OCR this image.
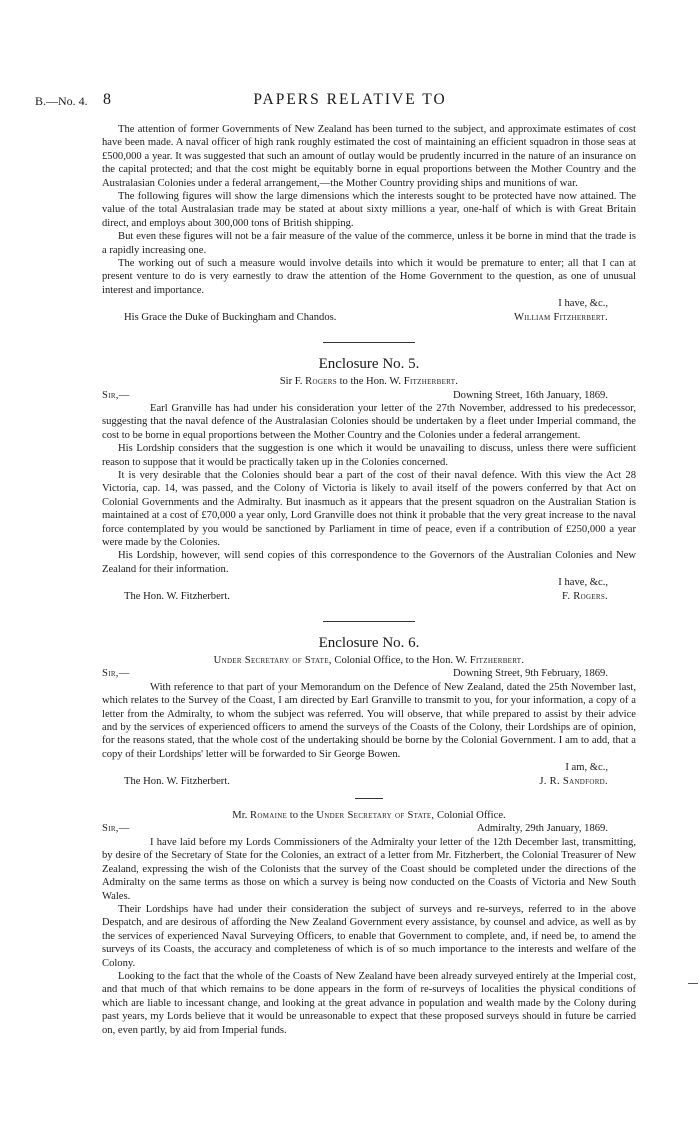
B.—No. 4. 8	PAPERS RELATIVE TO

The attention of former Governments of New Zealand has been turned to the subject, and approximate estimates of cost have been made. A naval officer of high rank roughly estimated the cost of maintaining an efficient squadron in those seas at £500,000 a year. It was suggested that such an amount of outlay would be prudently incurred in the nature of an insurance on the capital protected; and that the cost might be equitably borne in equal proportions between the Mother Country and the Australasian Colonies under a federal arrangement,—the Mother Country providing ships and munitions of war.

The following figures will show the large dimensions which the interests sought to be protected have now attained. The value of the total Australasian trade may be stated at about sixty millions a year, one-half of which is with Great Britain direct, and employs about 300,000 tons of British shipping.

But even these figures will not be a fair measure of the value of the commerce, unless it be borne in mind that the trade is a rapidly increasing one.

The working out of such a measure would involve details into which it would be premature to enter; all that I can at present venture to do is very earnestly to draw the attention of the Home Government to the question, as one of unusual interest and importance.

I have, &c.,
His Grace the Duke of Buckingham and Chandos.	William Fitzherbert.
Enclosure No. 5.
Sir F. Rogers to the Hon. W. Fitzherbert.
Sir,—	Downing Street, 16th January, 1869.

Earl Granville has had under his consideration your letter of the 27th November, addressed to his predecessor, suggesting that the naval defence of the Australasian Colonies should be undertaken by a fleet under Imperial command, the cost to be borne in equal proportions between the Mother Country and the Colonies under a federal arrangement.

His Lordship considers that the suggestion is one which it would be unavailing to discuss, unless there were sufficient reason to suppose that it would be practically taken up in the Colonies concerned.

It is very desirable that the Colonies should bear a part of the cost of their naval defence. With this view the Act 28 Victoria, cap. 14, was passed, and the Colony of Victoria is likely to avail itself of the powers conferred by that Act on Colonial Governments and the Admiralty. But inasmuch as it appears that the present squadron on the Australian Station is maintained at a cost of £70,000 a year only, Lord Granville does not think it probable that the very great increase to the naval force contemplated by you would be sanctioned by Parliament in time of peace, even if a contribution of £250,000 a year were made by the Colonies.

His Lordship, however, will send copies of this correspondence to the Governors of the Australian Colonies and New Zealand for their information.

I have, &c.,
The Hon. W. Fitzherbert.	F. Rogers.
Enclosure No. 6.
Under Secretary of State, Colonial Office, to the Hon. W. Fitzherbert.
Sir,—	Downing Street, 9th February, 1869.

With reference to that part of your Memorandum on the Defence of New Zealand, dated the 25th November last, which relates to the Survey of the Coast, I am directed by Earl Granville to transmit to you, for your information, a copy of a letter from the Admiralty, to whom the subject was referred. You will observe, that while prepared to assist by their advice and by the services of experienced officers to amend the surveys of the Coasts of the Colony, their Lordships are of opinion, for the reasons stated, that the whole cost of the undertaking should be borne by the Colonial Government. I am to add, that a copy of their Lordships' letter will be forwarded to Sir George Bowen.

I am, &c.,
The Hon. W. Fitzherbert.	J. R. Sandford.
Mr. Romaine to the Under Secretary of State, Colonial Office.
Sir,—	Admiralty, 29th January, 1869.

I have laid before my Lords Commissioners of the Admiralty your letter of the 12th December last, transmitting, by desire of the Secretary of State for the Colonies, an extract of a letter from Mr. Fitzherbert, the Colonial Treasurer of New Zealand, expressing the wish of the Colonists that the survey of the Coast should be completed under the directions of the Admiralty on the same terms as those on which a survey is being now conducted on the Coasts of Victoria and New South Wales.

Their Lordships have had under their consideration the subject of surveys and re-surveys, referred to in the above Despatch, and are desirous of affording the New Zealand Government every assistance, by counsel and advice, as well as by the services of experienced Naval Surveying Officers, to enable that Government to complete, and, if need be, to amend the surveys of its Coasts, the accuracy and completeness of which is of so much importance to the interests and welfare of the Colony.

Looking to the fact that the whole of the Coasts of New Zealand have been already surveyed entirely at the Imperial cost, and that much of that which remains to be done appears in the form of re-surveys of localities the physical conditions of which are liable to incessant change, and looking at the great advance in population and wealth made by the Colony during past years, my Lords believe that it would be unreasonable to expect that these proposed surveys should in future be carried on, even partly, by aid from Imperial funds.
